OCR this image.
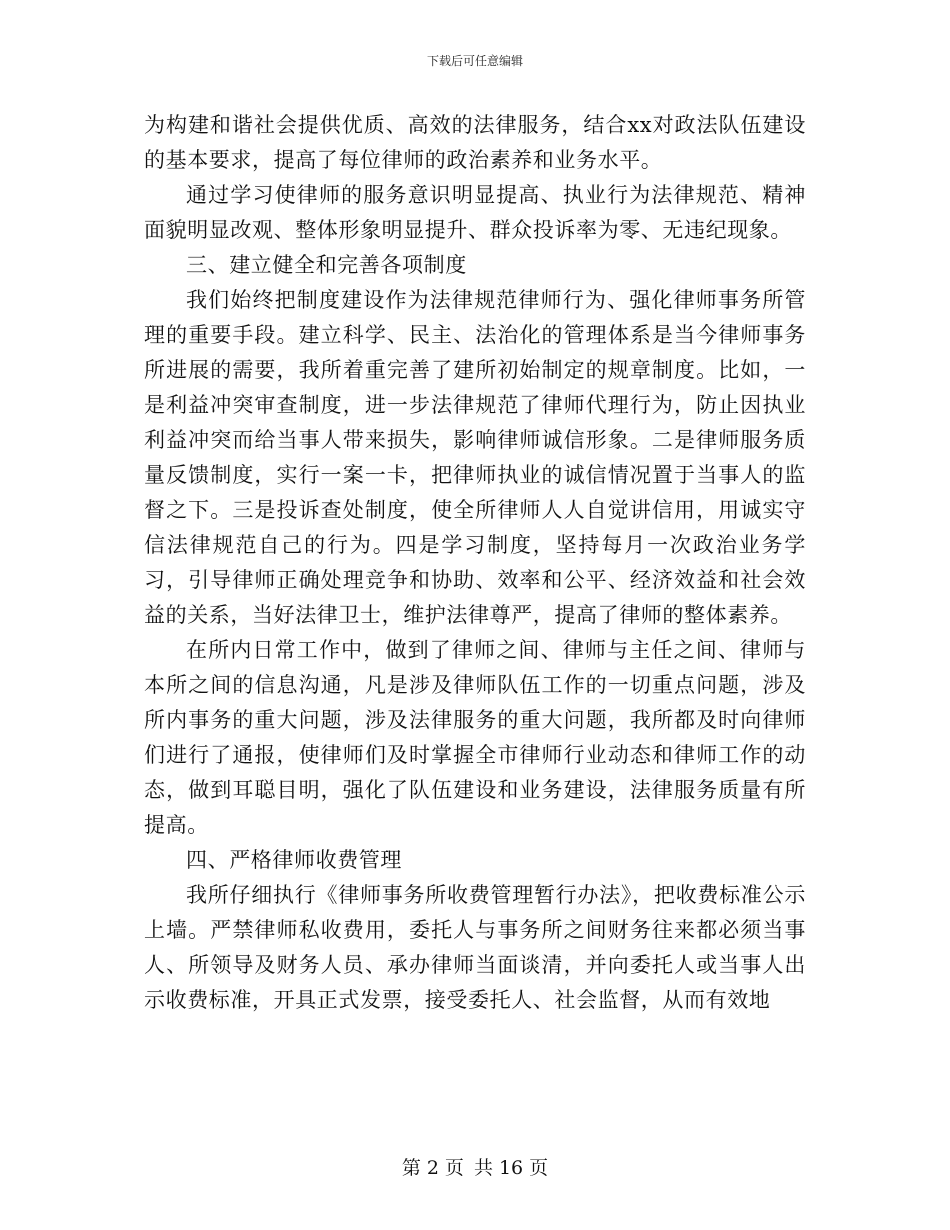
下载后可任意编辑

为构建和谐社会提供优质、高效的法律服务，结合xx对政法队伍建设的基本要求，提高了每位律师的政治素养和业务水平。

通过学习使律师的服务意识明显提高、执业行为法律规范、精神面貌明显改观、整体形象明显提升、群众投诉率为零、无违纪现象。

三、建立健全和完善各项制度

我们始终把制度建设作为法律规范律师行为、强化律师事务所管理的重要手段。建立科学、民主、法治化的管理体系是当今律师事务所进展的需要，我所着重完善了建所初始制定的规章制度。比如，一是利益冲突审查制度，进一步法律规范了律师代理行为，防止因执业利益冲突而给当事人带来损失，影响律师诚信形象。二是律师服务质量反馈制度，实行一案一卡，把律师执业的诚信情况置于当事人的监督之下。三是投诉查处制度，使全所律师人人自觉讲信用，用诚实守信法律规范自己的行为。四是学习制度，坚持每月一次政治业务学习，引导律师正确处理竞争和协助、效率和公平、经济效益和社会效益的关系，当好法律卫士，维护法律尊严，提高了律师的整体素养。

在所内日常工作中，做到了律师之间、律师与主任之间、律师与本所之间的信息沟通，凡是涉及律师队伍工作的一切重点问题，涉及所内事务的重大问题，涉及法律服务的重大问题，我所都及时向律师们进行了通报，使律师们及时掌握全市律师行业动态和律师工作的动态，做到耳聪目明，强化了队伍建设和业务建设，法律服务质量有所提高。

四、严格律师收费管理

我所仔细执行《律师事务所收费管理暂行办法》，把收费标准公示上墙。严禁律师私收费用，委托人与事务所之间财务往来都必须当事人、所领导及财务人员、承办律师当面谈清，并向委托人或当事人出示收费标准，开具正式发票，接受委托人、社会监督，从而有效地

第 2 页 共 16 页
